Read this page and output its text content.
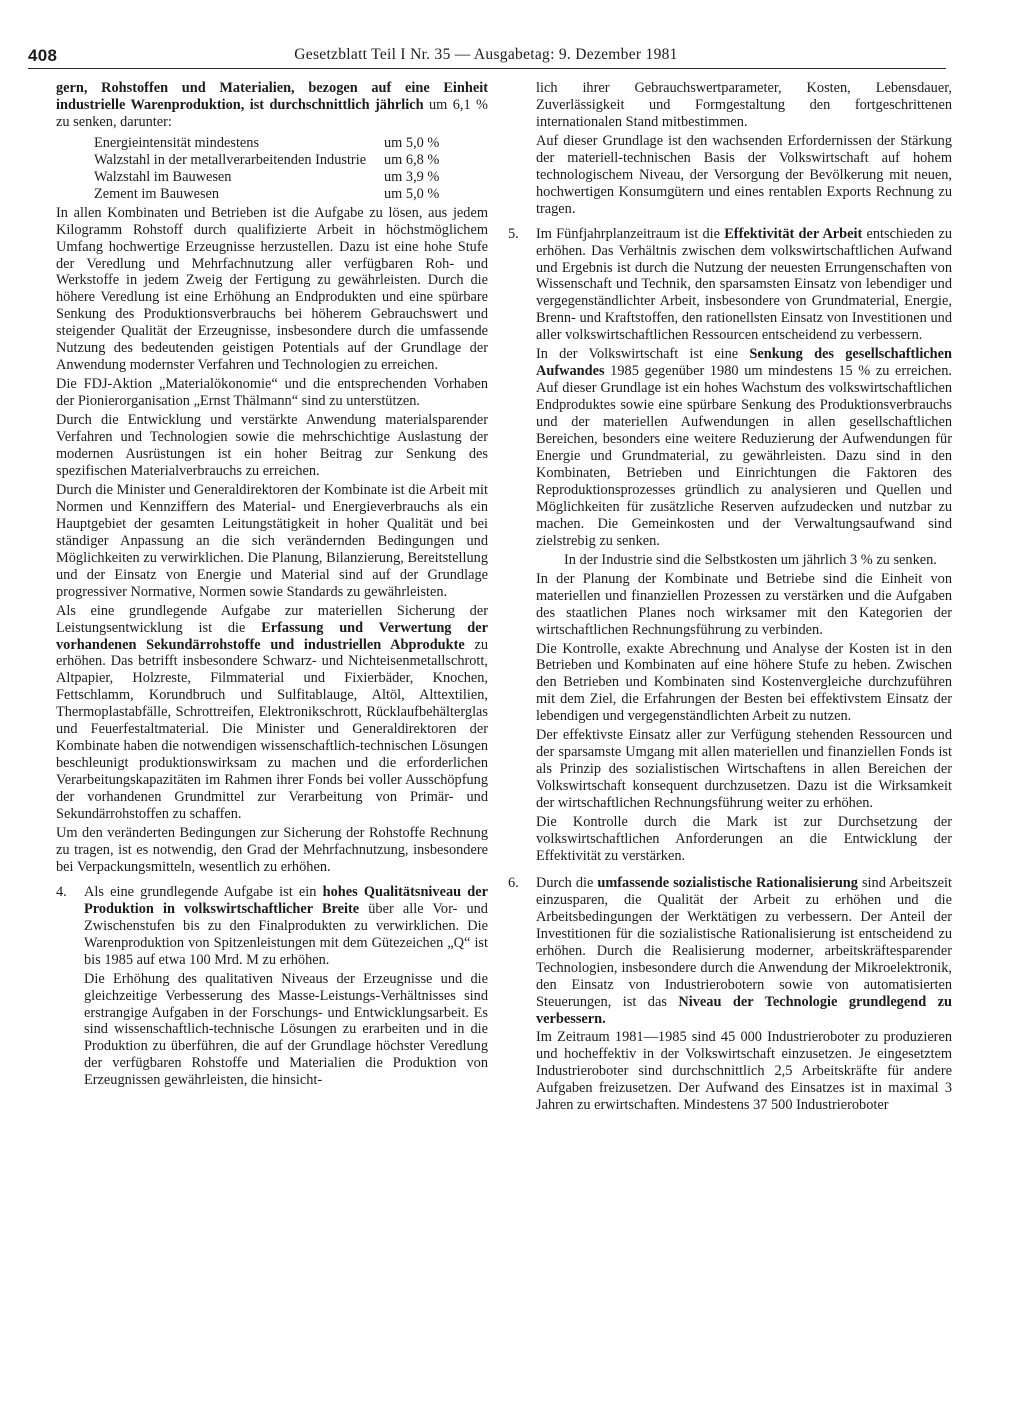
408	Gesetzblatt Teil I Nr. 35 — Ausgabetag: 9. Dezember 1981

gern, Rohstoffen und Materialien, bezogen auf eine Einheit industrielle Warenproduktion, ist durchschnittlich jährlich um 6,1 % zu senken, darunter:

Energieintensität mindestens	um 5,0 %
Walzstahl in der metallverarbeitenden Industrie	um 6,8 %
Walzstahl im Bauwesen	um 3,9 %
Zement im Bauwesen	um 5,0 %

In allen Kombinaten und Betrieben ist die Aufgabe zu lösen, aus jedem Kilogramm Rohstoff durch qualifizierte Arbeit in höchstmöglichem Umfang hochwertige Erzeugnisse herzustellen. Dazu ist eine hohe Stufe der Veredlung und Mehrfachnutzung aller verfügbaren Roh- und Werkstoffe in jedem Zweig der Fertigung zu gewährleisten. Durch die höhere Veredlung ist eine Erhöhung an Endprodukten und eine spürbare Senkung des Produktionsverbrauchs bei höherem Gebrauchswert und steigender Qualität der Erzeugnisse, insbesondere durch die umfassende Nutzung des bedeutenden geistigen Potentials auf der Grundlage der Anwendung modernster Verfahren und Technologien zu erreichen.

Die FDJ-Aktion „Materialökonomie“ und die entsprechenden Vorhaben der Pionierorganisation „Ernst Thälmann“ sind zu unterstützen.

Durch die Entwicklung und verstärkte Anwendung materialsparender Verfahren und Technologien sowie die mehrschichtige Auslastung der modernen Ausrüstungen ist ein hoher Beitrag zur Senkung des spezifischen Materialverbrauchs zu erreichen.

Durch die Minister und Generaldirektoren der Kombinate ist die Arbeit mit Normen und Kennziffern des Material- und Energieverbrauchs als ein Hauptgebiet der gesamten Leitungstätigkeit in hoher Qualität und bei ständiger Anpassung an die sich verändernden Bedingungen und Möglichkeiten zu verwirklichen. Die Planung, Bilanzierung, Bereitstellung und der Einsatz von Energie und Material sind auf der Grundlage progressiver Normative, Normen sowie Standards zu gewährleisten.

Als eine grundlegende Aufgabe zur materiellen Sicherung der Leistungsentwicklung ist die Erfassung und Verwertung der vorhandenen Sekundärrohstoffe und industriellen Abprodukte zu erhöhen. Das betrifft insbesondere Schwarz- und Nichteisenmetallschrott, Altpapier, Holzreste, Filmmaterial und Fixierbäder, Knochen, Fettschlamm, Korundbruch und Sulfitablauge, Altöl, Alttextilien, Thermoplastabfälle, Schrottreifen, Elektronikschrott, Rücklaufbehälterglas und Feuerfestaltmaterial. Die Minister und Generaldirektoren der Kombinate haben die notwendigen wissenschaftlich-technischen Lösungen beschleunigt produktionswirksam zu machen und die erforderlichen Verarbeitungskapazitäten im Rahmen ihrer Fonds bei voller Ausschöpfung der vorhandenen Grundmittel zur Verarbeitung von Primär- und Sekundärrohstoffen zu schaffen.

Um den veränderten Bedingungen zur Sicherung der Rohstoffe Rechnung zu tragen, ist es notwendig, den Grad der Mehrfachnutzung, insbesondere bei Verpackungsmitteln, wesentlich zu erhöhen.

4.	Als eine grundlegende Aufgabe ist ein hohes Qualitätsniveau der Produktion in volkswirtschaftlicher Breite über alle Vor- und Zwischenstufen bis zu den Finalprodukten zu verwirklichen. Die Warenproduktion von Spitzenleistungen mit dem Gütezeichen „Q“ ist bis 1985 auf etwa 100 Mrd. M zu erhöhen.

Die Erhöhung des qualitativen Niveaus der Erzeugnisse und die gleichzeitige Verbesserung des Masse-Leistungs-Verhältnisses sind erstrangige Aufgaben in der Forschungs- und Entwicklungsarbeit. Es sind wissenschaftlich-technische Lösungen zu erarbeiten und in die Produktion zu überführen, die auf der Grundlage höchster Veredlung der verfügbaren Rohstoffe und Materialien die Produktion von Erzeugnissen gewährleisten, die hinsicht-

lich ihrer Gebrauchswertparameter, Kosten, Lebensdauer, Zuverlässigkeit und Formgestaltung den fortgeschrittenen internationalen Stand mitbestimmen.

Auf dieser Grundlage ist den wachsenden Erfordernissen der Stärkung der materiell-technischen Basis der Volkswirtschaft auf hohem technologischem Niveau, der Versorgung der Bevölkerung mit neuen, hochwertigen Konsumgütern und eines rentablen Exports Rechnung zu tragen.

5.	Im Fünfjahrplanzeitraum ist die Effektivität der Arbeit entschieden zu erhöhen. Das Verhältnis zwischen dem volkswirtschaftlichen Aufwand und Ergebnis ist durch die Nutzung der neuesten Errungenschaften von Wissenschaft und Technik, den sparsamsten Einsatz von lebendiger und vergegenständlichter Arbeit, insbesondere von Grundmaterial, Energie, Brenn- und Kraftstoffen, den rationellsten Einsatz von Investitionen und aller volkswirtschaftlichen Ressourcen entscheidend zu verbessern.

In der Volkswirtschaft ist eine Senkung des gesellschaftlichen Aufwandes 1985 gegenüber 1980 um mindestens 15 % zu erreichen. Auf dieser Grundlage ist ein hohes Wachstum des volkswirtschaftlichen Endproduktes sowie eine spürbare Senkung des Produktionsverbrauchs und der materiellen Aufwendungen in allen gesellschaftlichen Bereichen, besonders eine weitere Reduzierung der Aufwendungen für Energie und Grundmaterial, zu gewährleisten. Dazu sind in den Kombinaten, Betrieben und Einrichtungen die Faktoren des Reproduktionsprozesses gründlich zu analysieren und Quellen und Möglichkeiten für zusätzliche Reserven aufzudecken und nutzbar zu machen. Die Gemeinkosten und der Verwaltungsaufwand sind zielstrebig zu senken.

In der Industrie sind die Selbstkosten um jährlich 3 % zu senken.

In der Planung der Kombinate und Betriebe sind die Einheit von materiellen und finanziellen Prozessen zu verstärken und die Aufgaben des staatlichen Planes noch wirksamer mit den Kategorien der wirtschaftlichen Rechnungsführung zu verbinden.

Die Kontrolle, exakte Abrechnung und Analyse der Kosten ist in den Betrieben und Kombinaten auf eine höhere Stufe zu heben. Zwischen den Betrieben und Kombinaten sind Kostenvergleiche durchzuführen mit dem Ziel, die Erfahrungen der Besten bei effektivstem Einsatz der lebendigen und vergegenständlichten Arbeit zu nutzen.

Der effektivste Einsatz aller zur Verfügung stehenden Ressourcen und der sparsamste Umgang mit allen materiellen und finanziellen Fonds ist als Prinzip des sozialistischen Wirtschaftens in allen Bereichen der Volkswirtschaft konsequent durchzusetzen. Dazu ist die Wirksamkeit der wirtschaftlichen Rechnungsführung weiter zu erhöhen.

Die Kontrolle durch die Mark ist zur Durchsetzung der volkswirtschaftlichen Anforderungen an die Entwicklung der Effektivität zu verstärken.

6.	Durch die umfassende sozialistische Rationalisierung sind Arbeitszeit einzusparen, die Qualität der Arbeit zu erhöhen und die Arbeitsbedingungen der Werktätigen zu verbessern. Der Anteil der Investitionen für die sozialistische Rationalisierung ist entscheidend zu erhöhen. Durch die Realisierung moderner, arbeitskräftesparender Technologien, insbesondere durch die Anwendung der Mikroelektronik, den Einsatz von Industrierobotern sowie von automatisierten Steuerungen, ist das Niveau der Technologie grundlegend zu verbessern.

Im Zeitraum 1981—1985 sind 45 000 Industrieroboter zu produzieren und hocheffektiv in der Volkswirtschaft einzusetzen. Je eingesetztem Industrieroboter sind durchschnittlich 2,5 Arbeitskräfte für andere Aufgaben freizusetzen. Der Aufwand des Einsatzes ist in maximal 3 Jahren zu erwirtschaften. Mindestens 37 500 Industrieroboter
